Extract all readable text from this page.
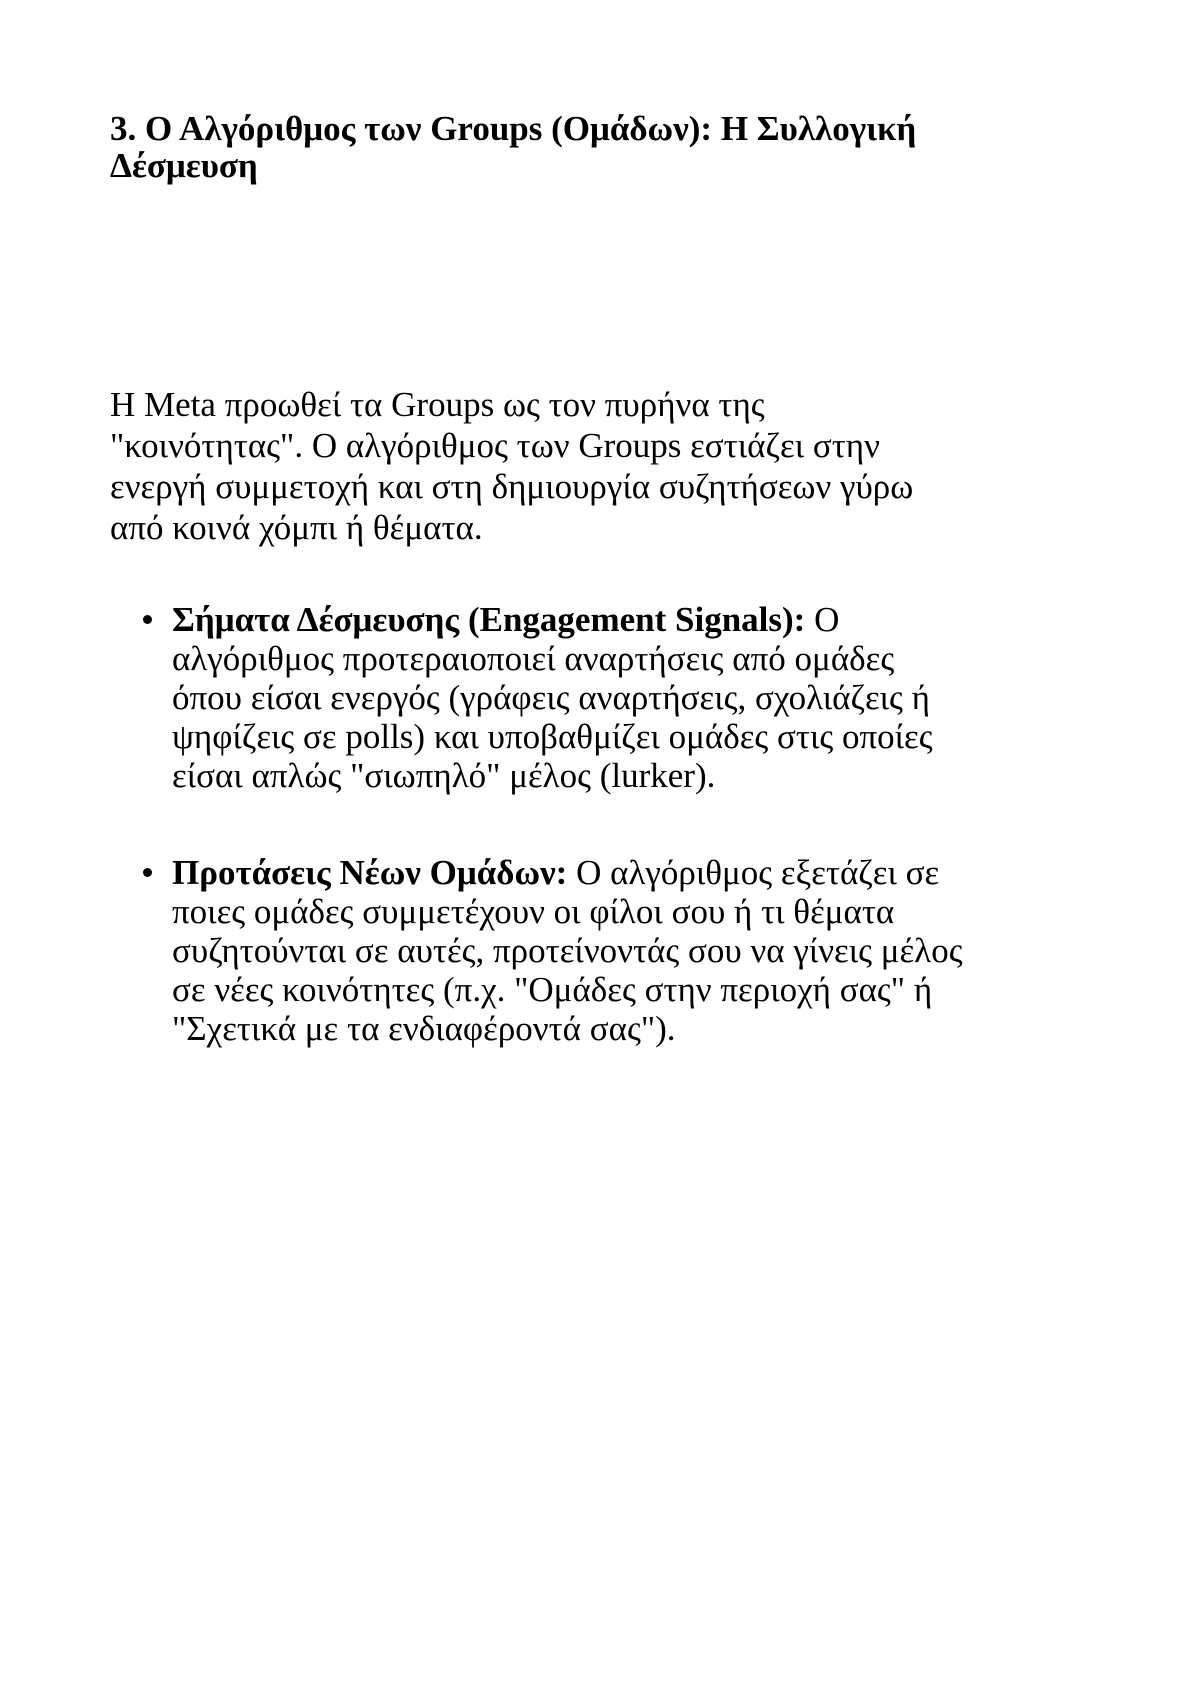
3. Ο Αλγόριθμος των Groups (Ομάδων): Η Συλλογική
Δέσμευση

Η Meta προωθεί τα Groups ως τον πυρήνα της
"κοινότητας". Ο αλγόριθμος των Groups εστιάζει στην
ενεργή συμμετοχή και στη δημιουργία συζητήσεων γύρω
από κοινά χόμπι ή θέματα.

Σήματα Δέσμευσης (Engagement Signals): Ο
αλγόριθμος προτεραιοποιεί αναρτήσεις από ομάδες
όπου είσαι ενεργός (γράφεις αναρτήσεις, σχολιάζεις ή
ψηφίζεις σε polls) και υποβαθμίζει ομάδες στις οποίες
είσαι απλώς "σιωπηλό" μέλος (lurker).
Προτάσεις Νέων Ομάδων: Ο αλγόριθμος εξετάζει σε
ποιες ομάδες συμμετέχουν οι φίλοι σου ή τι θέματα
συζητούνται σε αυτές, προτείνοντάς σου να γίνεις μέλος
σε νέες κοινότητες (π.χ. "Ομάδες στην περιοχή σας" ή
"Σχετικά με τα ενδιαφέροντά σας").
